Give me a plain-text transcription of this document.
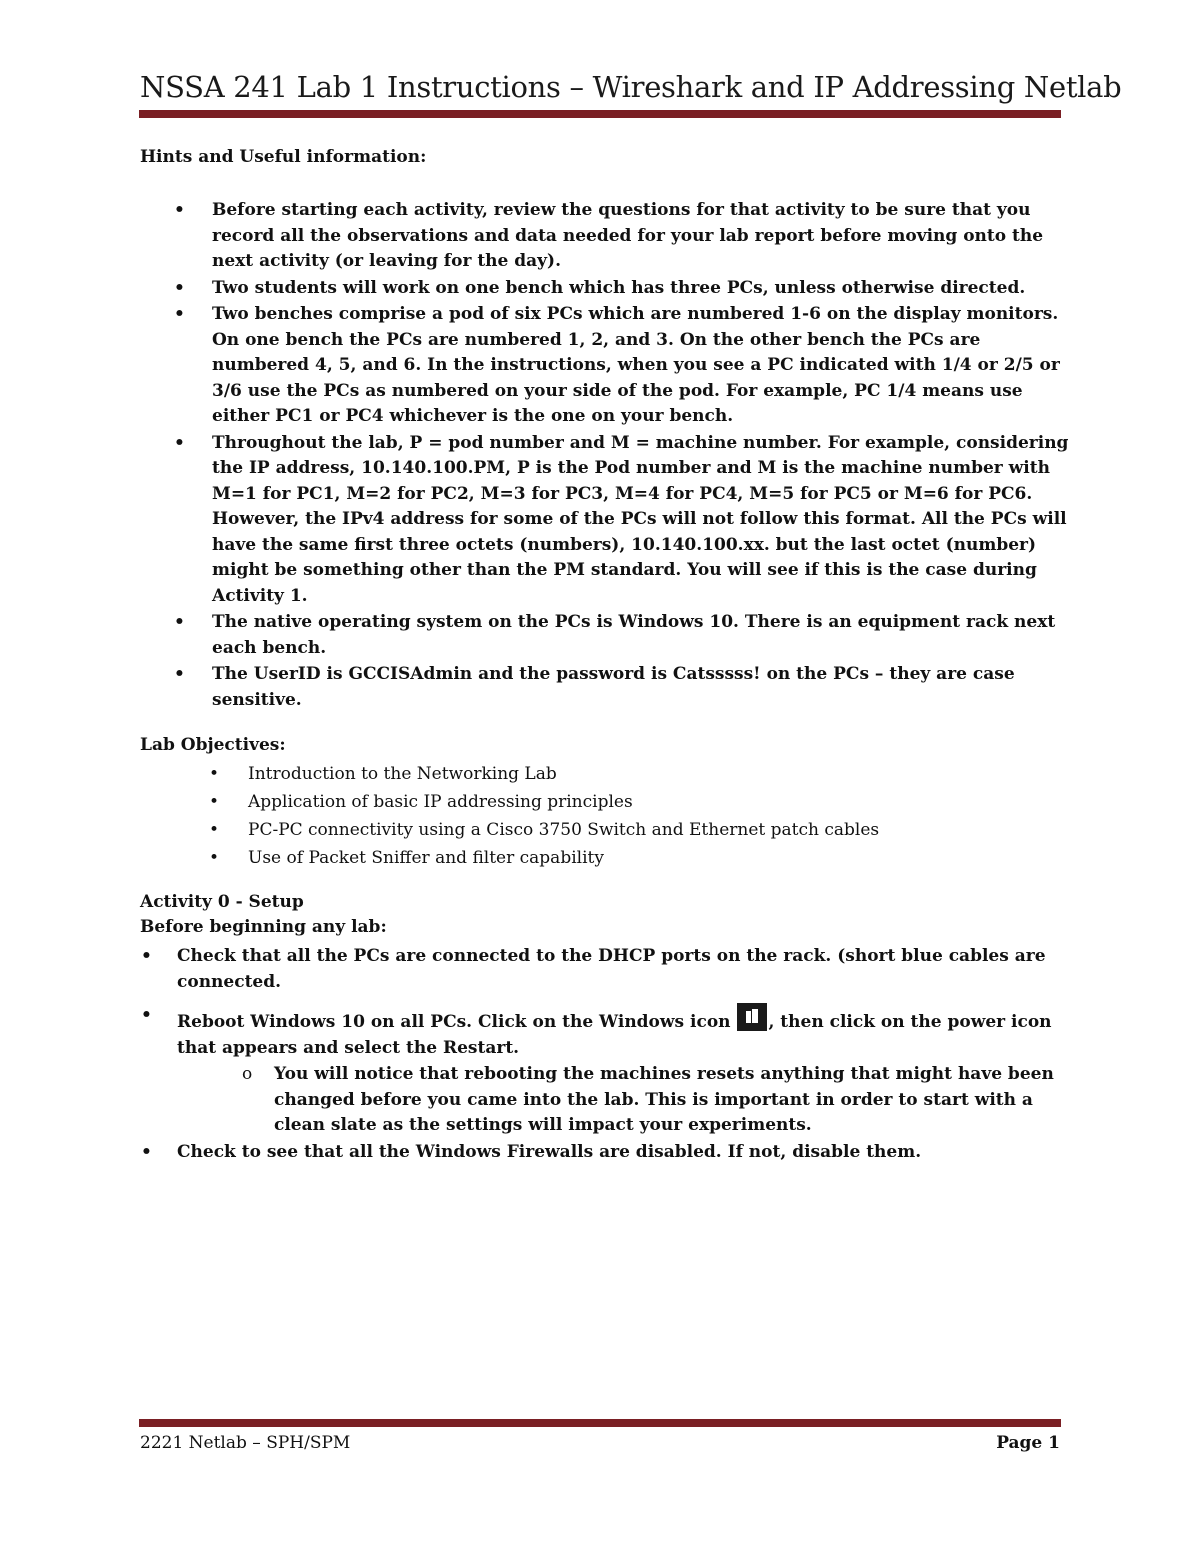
NSSA 241 Lab 1 Instructions – Wireshark and IP Addressing Netlab
Hints and Useful information:
• Before starting each activity, review the questions for that activity to be sure that you record all the observations and data needed for your lab report before moving onto the next activity (or leaving for the day).
• Two students will work on one bench which has three PCs, unless otherwise directed.
• Two benches comprise a pod of six PCs which are numbered 1-6 on the display monitors. On one bench the PCs are numbered 1, 2, and 3. On the other bench the PCs are numbered 4, 5, and 6. In the instructions, when you see a PC indicated with 1/4 or 2/5 or 3/6 use the PCs as numbered on your side of the pod. For example, PC 1/4 means use either PC1 or PC4 whichever is the one on your bench.
• Throughout the lab, P = pod number and M = machine number. For example, considering the IP address, 10.140.100.PM, P is the Pod number and M is the machine number with M=1 for PC1, M=2 for PC2, M=3 for PC3, M=4 for PC4, M=5 for PC5 or M=6 for PC6. However, the IPv4 address for some of the PCs will not follow this format. All the PCs will have the same first three octets (numbers), 10.140.100.xx. but the last octet (number) might be something other than the PM standard. You will see if this is the case during Activity 1.
• The native operating system on the PCs is Windows 10. There is an equipment rack next each bench.
• The UserID is GCCISAdmin and the password is Catsssss! on the PCs – they are case sensitive.
Lab Objectives:
• Introduction to the Networking Lab
• Application of basic IP addressing principles
• PC-PC connectivity using a Cisco 3750 Switch and Ethernet patch cables
• Use of Packet Sniffer and filter capability
Activity 0 - Setup
Before beginning any lab:
• Check that all the PCs are connected to the DHCP ports on the rack. (short blue cables are connected.
• Reboot Windows 10 on all PCs. Click on the Windows icon , then click on the power icon that appears and select the Restart.
o You will notice that rebooting the machines resets anything that might have been changed before you came into the lab. This is important in order to start with a clean slate as the settings will impact your experiments.
• Check to see that all the Windows Firewalls are disabled. If not, disable them.
2221 Netlab – SPH/SPM	Page 1
